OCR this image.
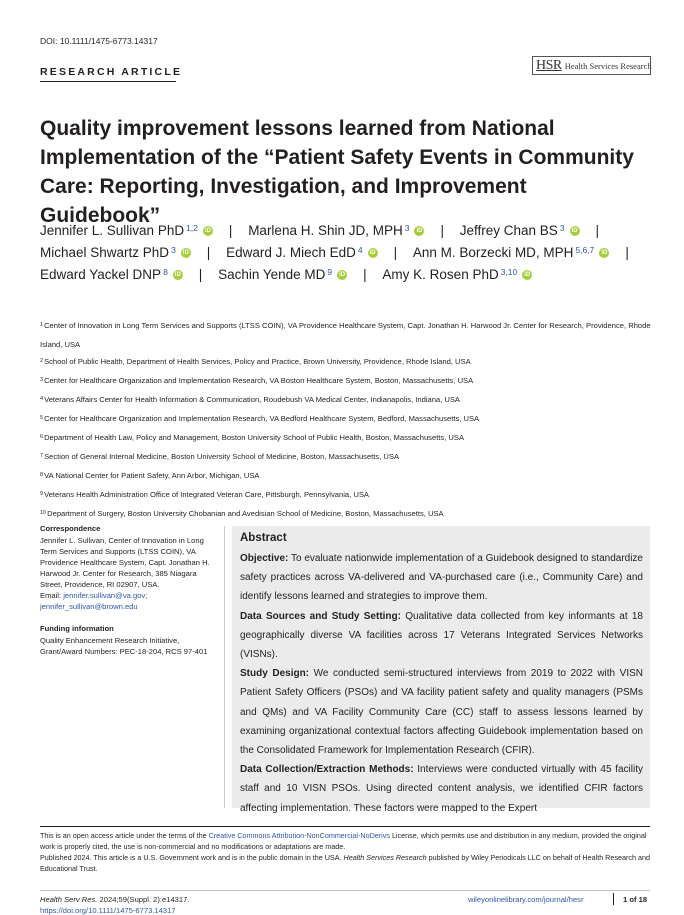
DOI: 10.1111/1475-6773.14317
RESEARCH ARTICLE	HSR Health Services Research
Quality improvement lessons learned from National Implementation of the “Patient Safety Events in Community Care: Reporting, Investigation, and Improvement Guidebook”
Jennifer L. Sullivan PhD$^{1,2}$	iD | Marlena H. Shin JD, MPH$^3$	iD | Jeffrey Chan $BS^3$	iD |
Michael Shwartz PhD$^3$	iD | Edward J. Miech EdD$^4$	iD | Ann M. Borzecki MD, MPH$^{5,6,7}$	iD |
Edward Yackel DNP$^8$	iD | Sachin Yende $MD^9$	iD | Amy K. Rosen PhD$^{3,10}$	iD
$^1$Center of Innovation in Long Term Services and Supports (LTSS COIN), VA Providence Healthcare System, Capt. Jonathan H. Harwood Jr. Center for Research, Providence, Rhode Island, USA
$^2$School of Public Health, Department of Health Services, Policy and Practice, Brown University, Providence, Rhode Island, USA
$^3$Center for Healthcare Organization and Implementation Research, VA Boston Healthcare System, Boston, Massachusetts, USA
$^4$Veterans Affairs Center for Health Information & Communication, Roudebush VA Medical Center, Indianapolis, Indiana, USA
$^5$Center for Healthcare Organization and Implementation Research, VA Bedford Healthcare System, Bedford, Massachusetts, USA
$^6$Department of Health Law, Policy and Management, Boston University School of Public Health, Boston, Massachusetts, USA
$^7$Section of General Internal Medicine, Boston University School of Medicine, Boston, Massachusetts, USA
$^8$VA National Center for Patient Safety, Ann Arbor, Michigan, USA
$^9$Veterans Health Administration Office of Integrated Veteran Care, Pittsburgh, Pennsylvania, USA
$^{10}$Department of Surgery, Boston University Chobanian and Avedisian School of Medicine, Boston, Massachusetts, USA
Correspondence
Jennifer L. Sullivan, Center of Innovation in Long Term Services and Supports (LTSS COIN), VA Providence Healthcare System, Capt. Jonathan H. Harwood Jr. Center for Research, 385 Niagara Street, Providence, RI 02907, USA.
Email: jennifer.sullivan@va.gov;
jennifer_sullivan@brown.edu
Funding information
Quality Enhancement Research Initiative, Grant/Award Numbers: PEC-18-204, RCS 97-401
Abstract

Objective: To evaluate nationwide implementation of a Guidebook designed to standardize safety practices across VA-delivered and VA-purchased care (i.e., Community Care) and identify lessons learned and strategies to improve them.

Data Sources and Study Setting: Qualitative data collected from key informants at 18 geographically diverse VA facilities across 17 Veterans Integrated Services Networks (VISNs).

Study Design: We conducted semi-structured interviews from 2019 to 2022 with VISN Patient Safety Officers (PSOs) and VA facility patient safety and quality managers (PSMs and QMs) and VA Facility Community Care (CC) staff to assess lessons learned by examining organizational contextual factors affecting Guidebook implementation based on the Consolidated Framework for Implementation Research (CFIR).

Data Collection/Extraction Methods: Interviews were conducted virtually with 45 facility staff and 10 VISN PSOs. Using directed content analysis, we identified CFIR factors affecting implementation. These factors were mapped to the Expert

This is an open access article under the terms of the Creative Commons Attribution-NonCommercial-NoDerivs License, which permits use and distribution in any medium, provided the original work is properly cited, the use is non-commercial and no modifications or adaptations are made.
Published 2024. This article is a U.S. Government work and is in the public domain in the USA. Health Services Research published by Wiley Periodicals LLC on behalf of Health Research and Educational Trust.
Health Serv Res. 2024;59(Suppl. 2):e14317.
https://doi.org/10.1111/1475-6773.14317
wileyonlinelibrary.com/journal/hesr	1 of 18
